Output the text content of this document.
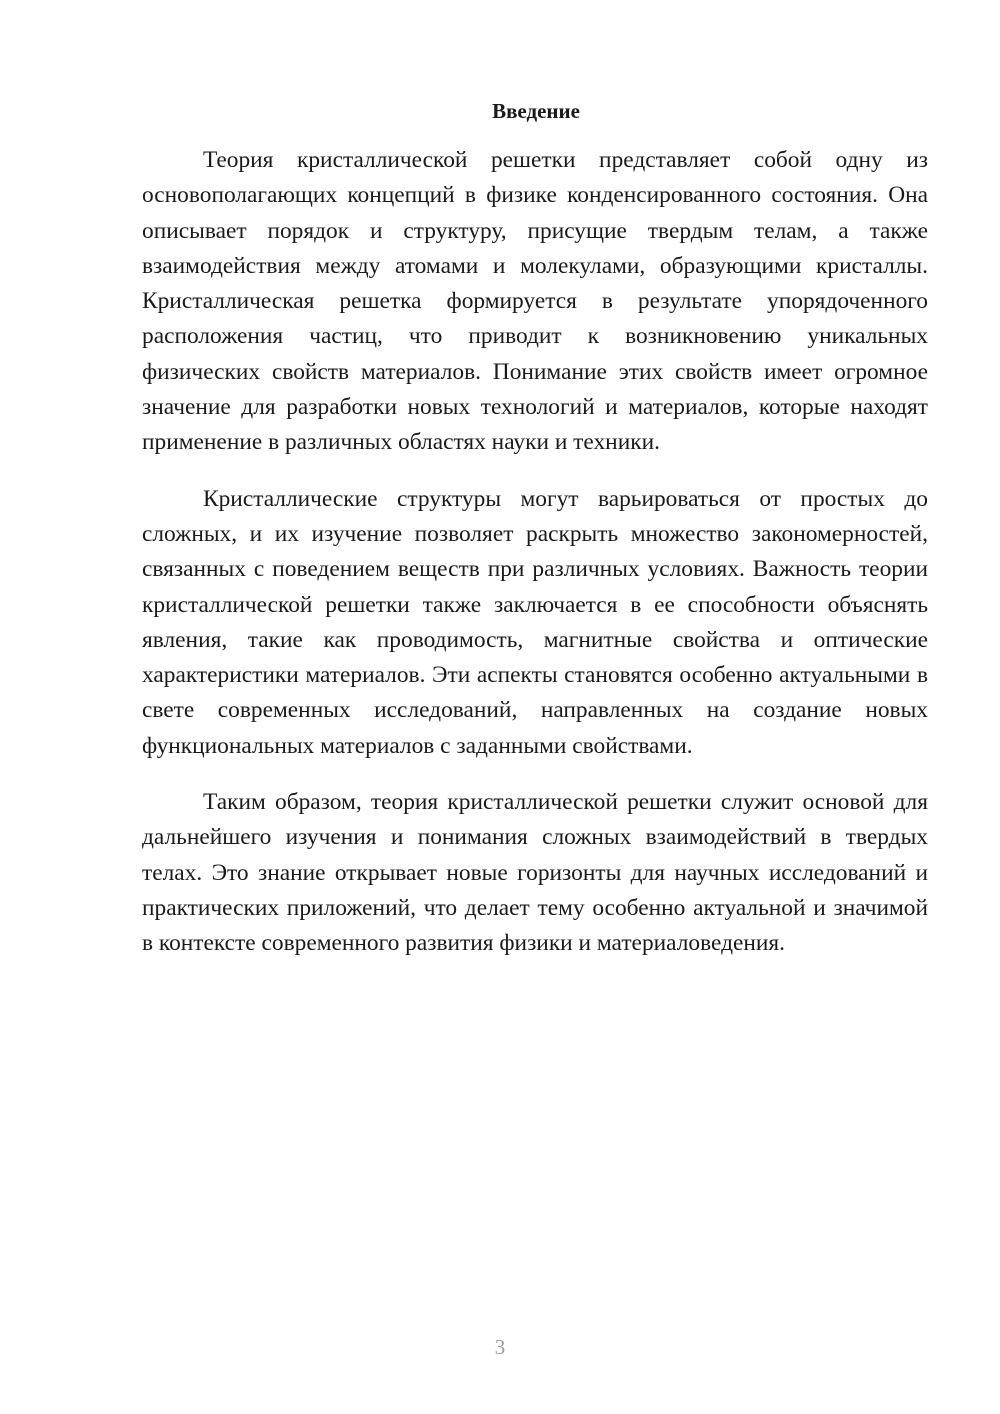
Введение

Теория кристаллической решетки представляет собой одну из основополагающих концепций в физике конденсированного состояния. Она описывает порядок и структуру, присущие твердым телам, а также взаимодействия между атомами и молекулами, образующими кристаллы. Кристаллическая решетка формируется в результате упорядоченного расположения частиц, что приводит к возникновению уникальных физических свойств материалов. Понимание этих свойств имеет огромное значение для разработки новых технологий и материалов, которые находят применение в различных областях науки и техники.

Кристаллические структуры могут варьироваться от простых до сложных, и их изучение позволяет раскрыть множество закономерностей, связанных с поведением веществ при различных условиях. Важность теории кристаллической решетки также заключается в ее способности объяснять явления, такие как проводимость, магнитные свойства и оптические характеристики материалов. Эти аспекты становятся особенно актуальными в свете современных исследований, направленных на создание новых функциональных материалов с заданными свойствами.

Таким образом, теория кристаллической решетки служит основой для дальнейшего изучения и понимания сложных взаимодействий в твердых телах. Это знание открывает новые горизонты для научных исследований и практических приложений, что делает тему особенно актуальной и значимой в контексте современного развития физики и материаловедения.

3
